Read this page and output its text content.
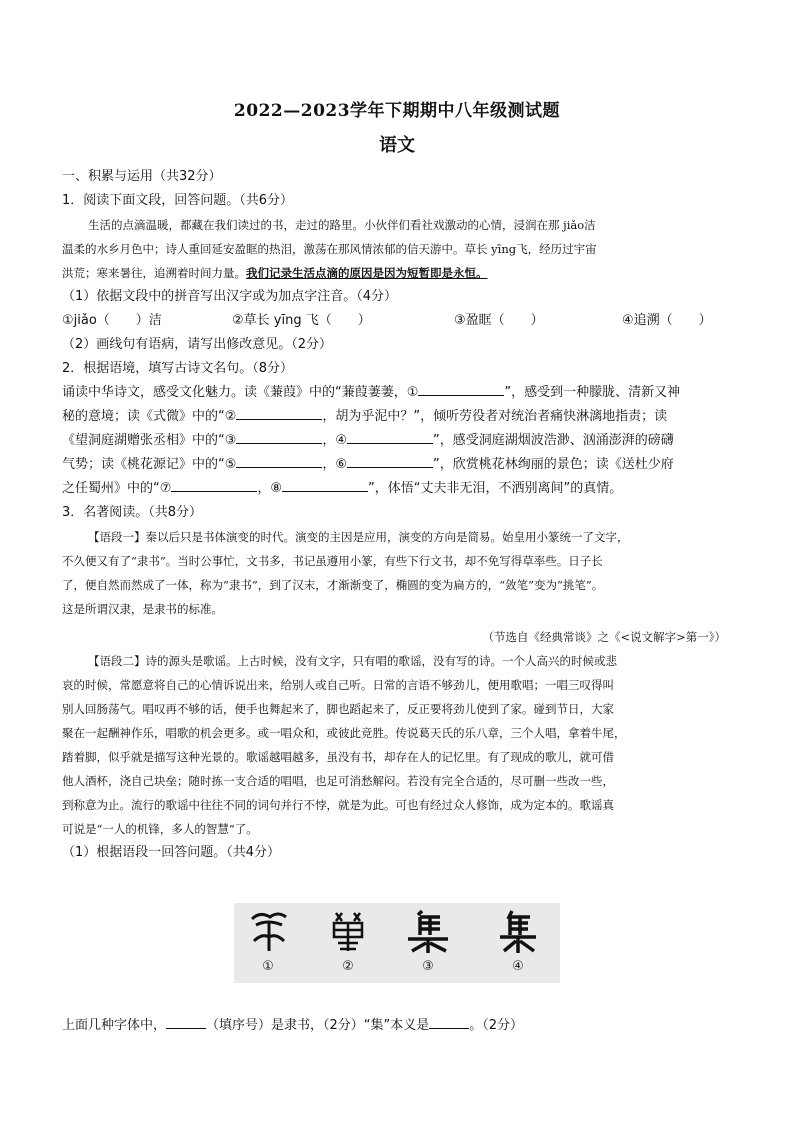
2022—2023学年下期期中八年级测试题

语文

一、积累与运用（共32分）

1．阅读下面文段，回答问题。（共6分）

生活的点滴温暖，都藏在我们读过的书，走过的路里。小伙伴们看社戏激动的心情，浸润在那 jiǎo洁

温柔的水乡月色中；诗人重回延安盈眶的热泪，激荡在那风情浓郁的信天游中。草长 yīng飞，经历过宇宙

洪荒；寒来暑往，追溯着时间力量。我们记录生活点滴的原因是因为短暂即是永恒。

（1）依据文段中的拼音写出汉字或为加点字注音。（4分）

①jiǎo（　　）洁	②草长 yīng 飞（　　）	③盈眶（　　）	④追溯（　　）

（2）画线句有语病，请写出修改意见。（2分）

2．根据语境，填写古诗文名句。（8分）

诵读中华诗文，感受文化魅力。读《蒹葭》中的“蒹葭萋萋，①	”，感受到一种朦胧、清新又神

秘的意境；读《式微》中的“②	，胡为乎泥中？”，倾听劳役者对统治者痛快淋漓地指责；读

《望洞庭湖赠张丞相》中的“③	，④	”，感受洞庭湖烟波浩渺、汹涌澎湃的磅礴

气势；读《桃花源记》中的“⑤	，⑥	”，欣赏桃花林绚丽的景色；读《送杜少府

之任蜀州》中的“⑦	，⑧	”，体悟“丈夫非无泪，不洒别离间”的真情。

3．名著阅读。（共8分）

【语段一】秦以后只是书体演变的时代。演变的主因是应用，演变的方向是简易。始皇用小篆统一了文字，

不久便又有了“隶书”。当时公事忙，文书多，书记虽遵用小篆，有些下行文书，却不免写得草率些。日子长

了，便自然而然成了一体，称为“隶书”，到了汉末，才渐渐变了，椭圆的变为扁方的，“敛笔”变为“挑笔”。

这是所谓汉隶，是隶书的标准。

（节选自《经典常谈》之《<说文解字>第一》）

【语段二】诗的源头是歌谣。上古时候，没有文字，只有唱的歌谣，没有写的诗。一个人高兴的时候或悲

哀的时候，常愿意将自己的心情诉说出来，给别人或自己听。日常的言语不够劲儿，便用歌唱；一唱三叹得叫

别人回肠荡气。唱叹再不够的话，便手也舞起来了，脚也蹈起来了，反正要将劲儿使到了家。碰到节日，大家

聚在一起酬神作乐，唱歌的机会更多。或一唱众和，或彼此竞胜。传说葛天氏的乐八章，三个人唱，拿着牛尾，

踏着脚，似乎就是描写这种光景的。歌谣越唱越多，虽没有书，却存在人的记忆里。有了现成的歌儿，就可借

他人酒杯，浇自己块垒；随时拣一支合适的唱唱，也足可消愁解闷。若没有完全合适的，尽可删一些改一些，

到称意为止。流行的歌谣中往往不同的词句并行不悖，就是为此。可也有经过众人修饰，成为定本的。歌谣真

可说是“一人的机锋，多人的智慧”了。

（1）根据语段一回答问题。（共4分）

①	②	③	④

上面几种字体中，	（填序号）是隶书，（2分）“集”本义是	。（2分）
